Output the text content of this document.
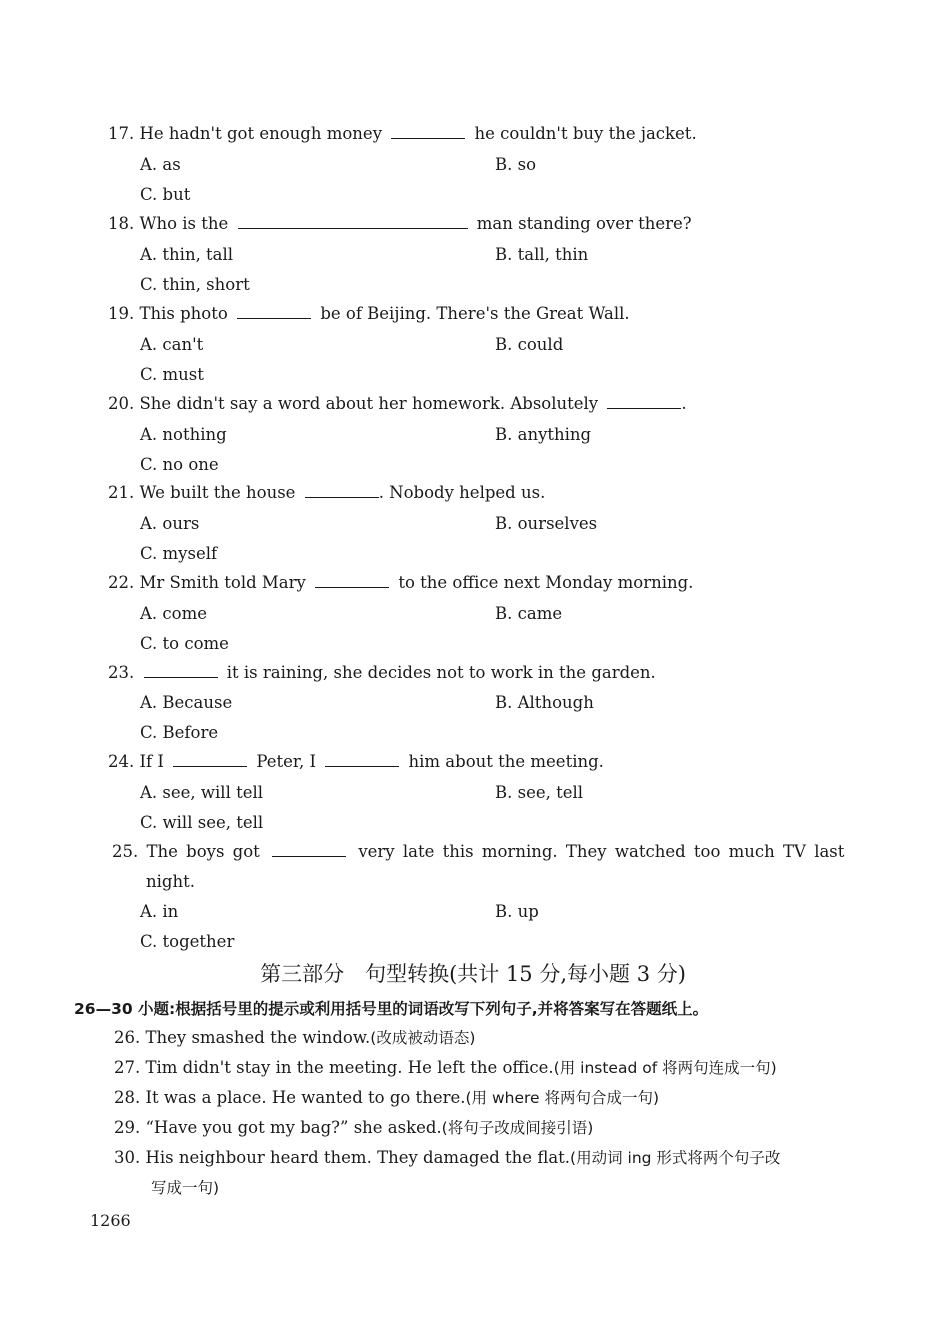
17. He hadn't got enough money	he couldn't buy the jacket.
A. as	B. so
C. but
18. Who is the	man standing over there?
A. thin, tall	B. tall, thin
C. thin, short
19. This photo	be of Beijing. There's the Great Wall.
A. can't	B. could
C. must
20. She didn't say a word about her homework. Absolutely	.
A. nothing	B. anything
C. no one
21. We built the house	. Nobody helped us.
A. ours	B. ourselves
C. myself
22. Mr Smith told Mary	to the office next Monday morning.
A. come	B. came
C. to come
23.	it is raining, she decides not to work in the garden.
A. Because	B. Although
C. Before
24. If I	Peter, I	him about the meeting.
A. see, will tell	B. see, tell
C. will see, tell
25. The boys got	very late this morning. They watched too much TV last
night.
A. in	B. up
C. together
第三部分　句型转换(共计 15 分,每小题 3 分)
26—30 小题:根据括号里的提示或利用括号里的词语改写下列句子,并将答案写在答题纸上。
26. They smashed the window.(改成被动语态)
27. Tim didn't stay in the meeting. He left the office.(用 instead of 将两句连成一句)
28. It was a place. He wanted to go there.(用 where 将两句合成一句)
29. “Have you got my bag?” she asked.(将句子改成间接引语)
30. His neighbour heard them. They damaged the flat.(用动词 ing 形式将两个句子改
写成一句)
1266
